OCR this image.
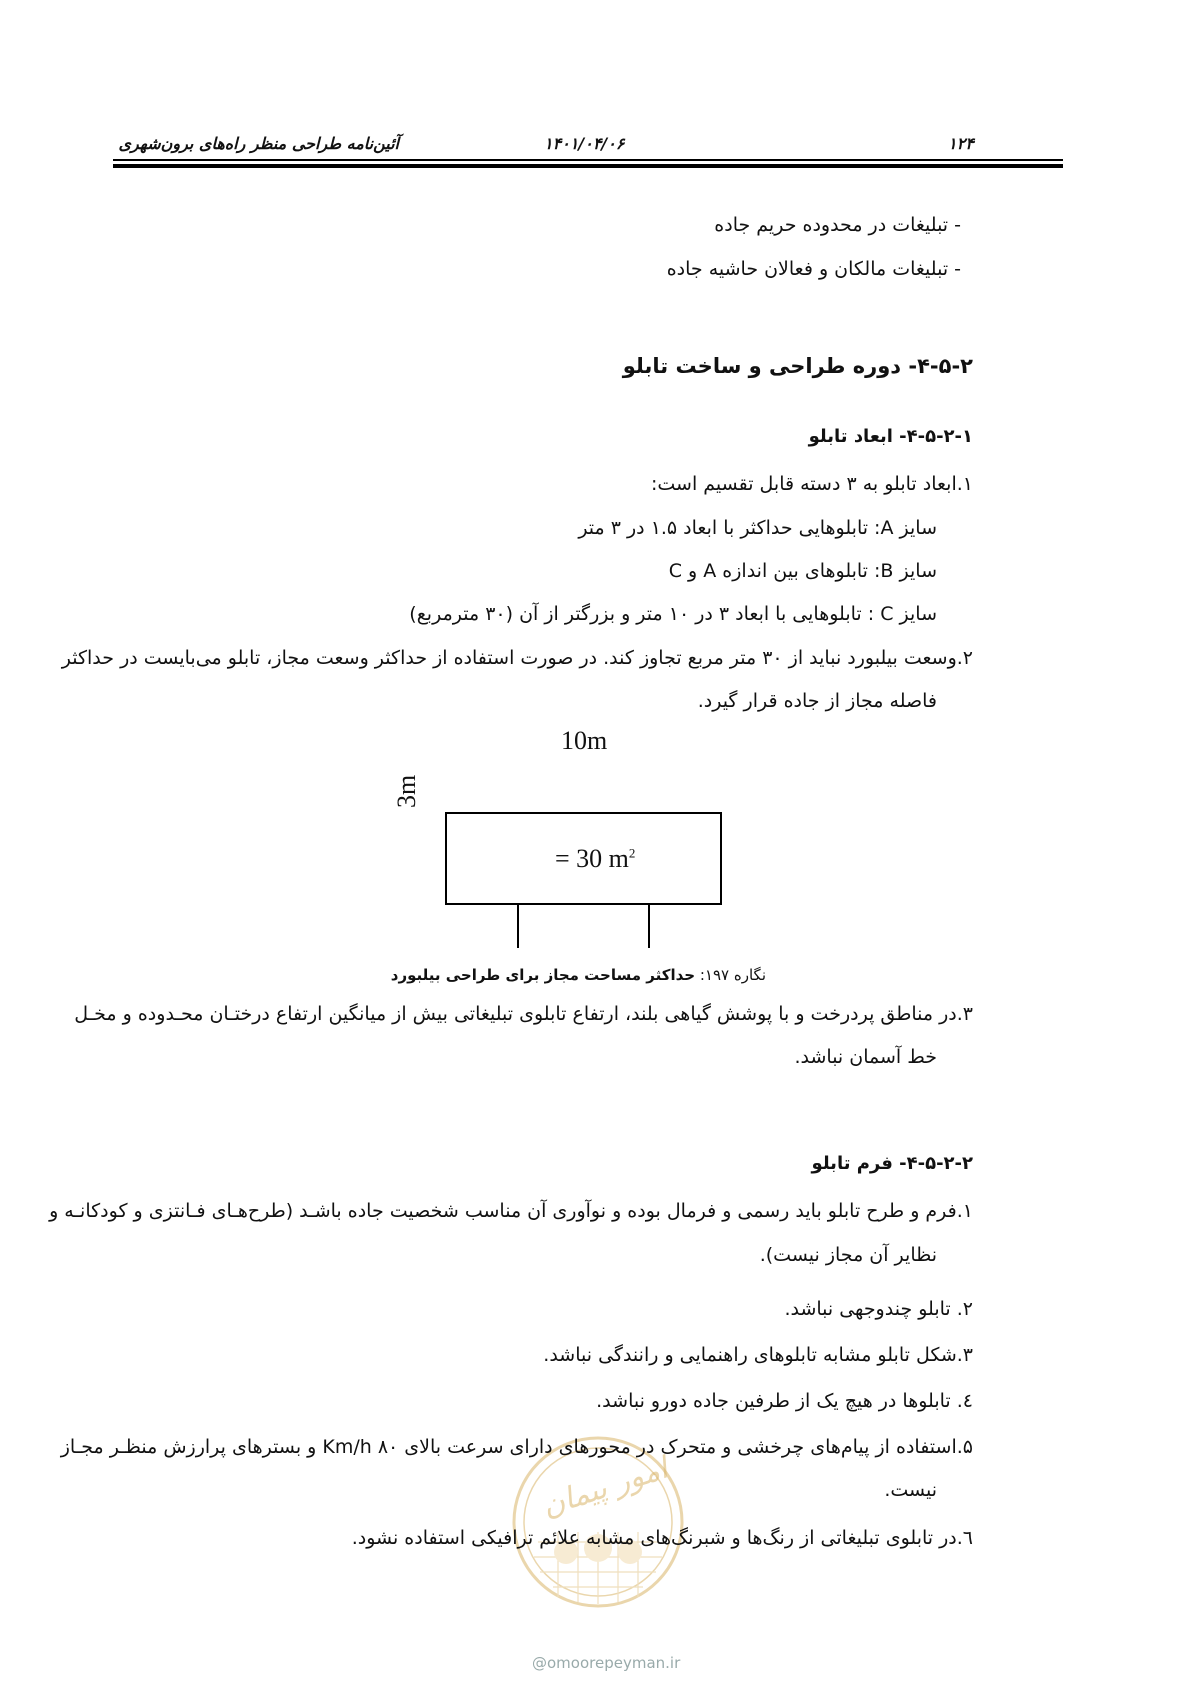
۱۲۴
۱۴۰۱/۰۴/۰۶
آئین‌نامه طراحی منظر راه‌های برون‌شهری
- تبلیغات در محدوده حریم جاده
- تبلیغات مالکان و فعالان حاشیه جاده
۴-۵-۲- دوره طراحی و ساخت تابلو
۴-۵-۲-۱- ابعاد تابلو
۱.ابعاد تابلو به ۳ دسته قابل تقسیم است:
سایز A: تابلوهایی حداکثر با ابعاد ۱.۵ در ۳ متر
سایز B: تابلوهای بین اندازه A و C
سایز C : تابلوهایی با ابعاد ۳ در ۱۰ متر و بزرگتر از آن (۳۰ مترمربع)
۲.وسعت بیلبورد نباید از ۳۰ متر مربع تجاوز کند. در صورت استفاده از حداکثر وسعت مجاز، تابلو می‌بایست در حداکثر
فاصله مجاز از جاده قرار گیرد.
10m
3m
= 30 $m^2$
نگاره ۱۹۷: حداکثر مساحت مجاز برای طراحی بیلبورد
۳.در مناطق پردرخت و با پوشش گیاهی بلند، ارتفاع تابلوی تبلیغاتی بیش از میانگین ارتفاع درختـان محـدوده و مخـل
خط آسمان نباشد.
۴-۵-۲-۲- فرم تابلو
۱.فرم و طرح تابلو باید رسمی و فرمال بوده و نوآوری آن مناسب شخصیت جاده باشـد (طرح‌هـای فـانتزی و کودکانـه و
نظایر آن مجاز نیست).
۲. تابلو چندوجهی نباشد.
۳.شکل تابلو مشابه تابلوهای راهنمایی و رانندگی نباشد.
٤. تابلوها در هیچ یک از طرفین جاده دورو نباشد.
امور پیمان
۵.استفاده از پیام‌های چرخشی و متحرک در محورهای دارای سرعت بالای ۸۰ Km/h و بسترهای پرارزش منظـر مجـاز
نیست.
٦.در تابلوی تبلیغاتی از رنگ‌ها و شبرنگ‌های مشابه علائم ترافیکی استفاده نشود.
@omoorepeyman.ir
